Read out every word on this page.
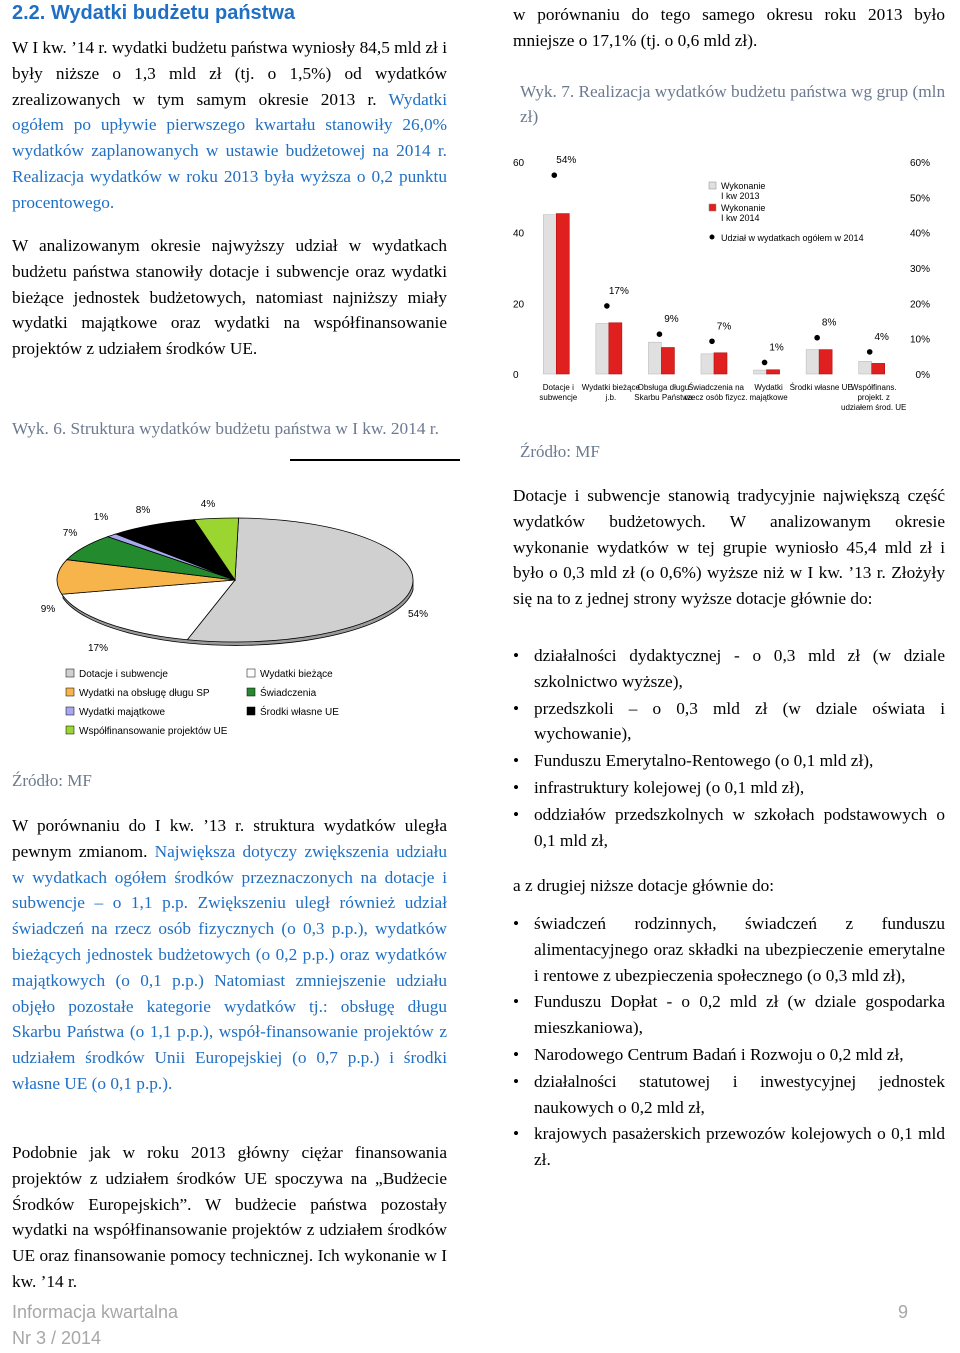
2.2. Wydatki budżetu państwa

W I kw. ’14 r. wydatki budżetu państwa wyniosły 84,5 mld zł i były niższe o 1,3 mld zł (tj. o 1,5%) od wydatków zrealizowanych w tym samym okresie 2013 r. Wydatki ogółem po upływie pierwszego kwartału stanowiły 26,0% wydatków zaplanowanych w ustawie budżetowej na 2014 r. Realizacja wydatków w roku 2013 była wyższa o 0,2 punktu procentowego.

W analizowanym okresie najwyższy udział w wydatkach budżetu państwa stanowiły dotacje i subwencje oraz wydatki bieżące jednostek budżetowych, natomiast najniższy miały wydatki majątkowe oraz wydatki na współfinansowanie projektów z udziałem środków UE.

Wyk. 6. Struktura wydatków budżetu państwa w I kw. 2014 r.
54%
17%
9%
7%
1%
8%
4%
Dotacje i subwencje
Wydatki na obsługę długu SP
Wydatki majątkowe
Współfinansowanie projektów UE
Wydatki bieżące
Świadczenia
Środki własne UE
Źródło: MF

W porównaniu do I kw. ’13 r. struktura wydatków uległa pewnym zmianom. Największa dotyczy zwiększenia udziału w wydatkach ogółem środków przeznaczonych na dotacje i subwencje – o 1,1 p.p. Zwiększeniu uległ również udział świadczeń na rzecz osób fizycznych (o 0,3 p.p.), wydatków bieżących jednostek budżetowych (o 0,2 p.p.) oraz wydatków majątkowych (o 0,1 p.p.) Natomiast zmniejszenie udziału objęło pozostałe kategorie wydatków tj.: obsługę długu Skarbu Państwa (o 1,1 p.p.), współ-finansowanie projektów z udziałem środków Unii Europejskiej (o 0,7 p.p.) i środki własne UE (o 0,1 p.p.).

Podobnie jak w roku 2013 główny ciężar finansowania projektów z udziałem środków UE spoczywa na „Budżecie Środków Europejskich”. W budżecie państwa pozostały wydatki na współfinansowanie projektów z udziałem środków UE oraz finansowanie pomocy technicznej. Ich wykonanie w I kw. ’14 r.

w porównaniu do tego samego okresu roku 2013 było mniejsze o 17,1% (tj. o 0,6 mld zł).

Wyk. 7. Realizacja wydatków budżetu państwa wg grup (mln zł)
0
20
40
60
0%
10%
20%
30%
40%
50%
60%
54%
17%
9%
7%
1%
8%
4%
Dotacje i
subwencje
Wydatki bieżące
j.b.
Obsługa długu
Skarbu Państwa
Świadczenia na
rzecz osób fizycz.
Wydatki
majątkowe
Środki własne UE
Współfinans.
projekt. z
udziałem środ. UE
Wykonanie
I kw 2013
Wykonanie
I kw 2014
Udział w wydatkach ogółem w 2014
Źródło: MF

Dotacje i subwencje stanowią tradycyjnie największą część wydatków budżetowych. W analizowanym okresie wykonanie wydatków w tej grupie wyniosło 45,4 mld zł i było o 0,3 mld zł (o 0,6%) wyższe niż w I kw. ’13 r. Złożyły się na to z jednej strony wyższe dotacje głównie do:

• działalności dydaktycznej - o 0,3 mld zł (w dziale szkolnictwo wyższe),
• przedszkoli – o 0,3 mld zł (w dziale oświata i wychowanie),
• Funduszu Emerytalno-Rentowego (o 0,1 mld zł),
• infrastruktury kolejowej (o 0,1 mld zł),
• oddziałów przedszkolnych w szkołach podstawowych o 0,1 mld zł,

a z drugiej niższe dotacje głównie do:

• świadczeń rodzinnych, świadczeń z funduszu alimentacyjnego oraz składki na ubezpieczenie emerytalne i rentowe z ubezpieczenia społecznego (o 0,3 mld zł),
• Funduszu Dopłat - o 0,2 mld zł (w dziale gospodarka mieszkaniowa),
• Narodowego Centrum Badań i Rozwoju o 0,2 mld zł,
• działalności statutowej i inwestycyjnej jednostek naukowych o 0,2 mld zł,
• krajowych pasażerskich przewozów kolejowych o 0,1 mld zł.
Informacja kwartalna
Nr 3 / 2014
9
